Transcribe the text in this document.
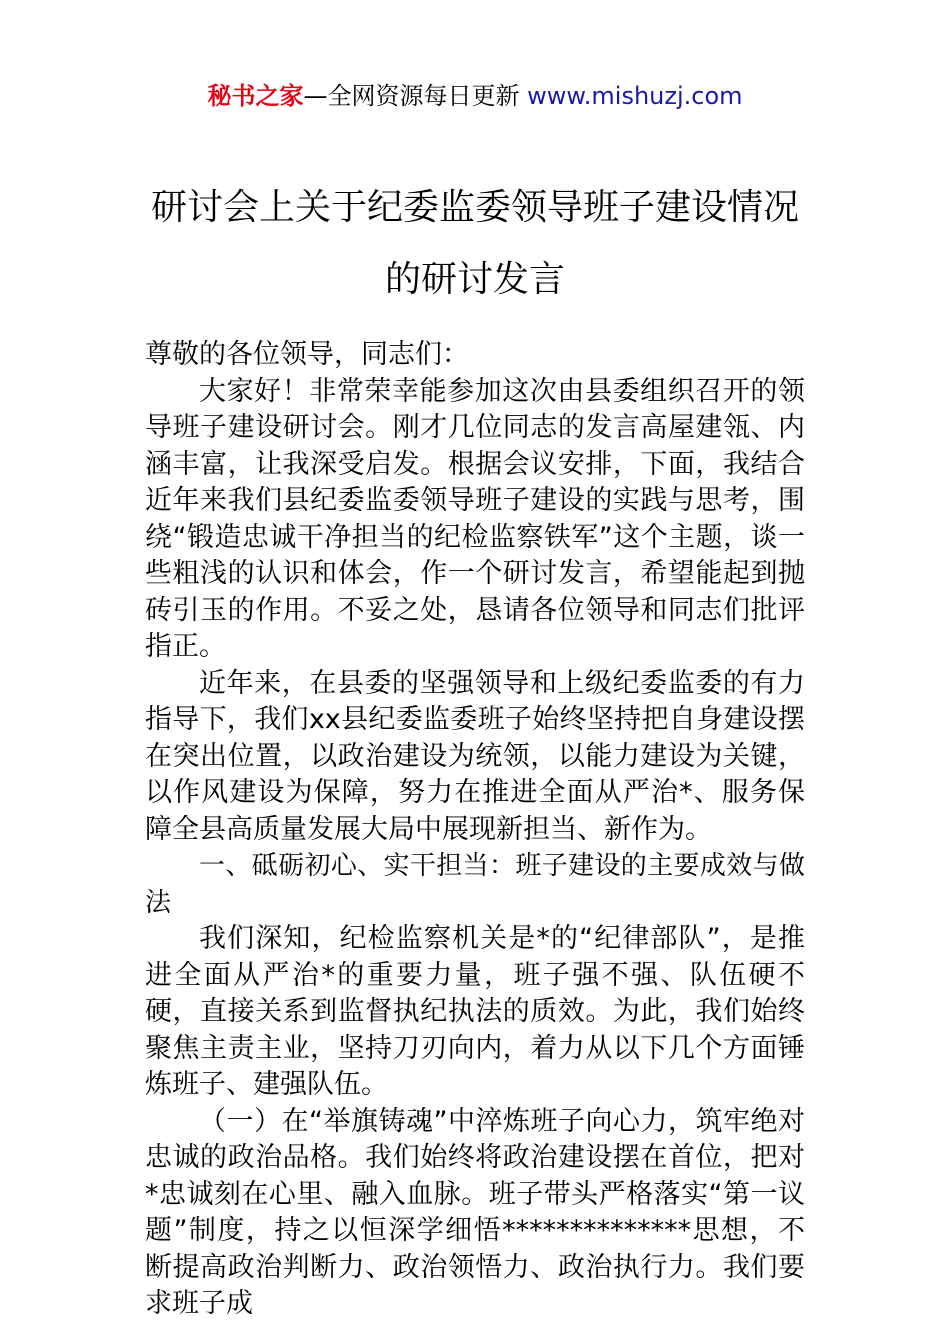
秘书之家—全网资源每日更新 www.mishuzj.com
研讨会上关于纪委监委领导班子建设情况
的研讨发言

尊敬的各位领导，同志们：

大家好！非常荣幸能参加这次由县委组织召开的领导班子建设研讨会。刚才几位同志的发言高屋建瓴、内涵丰富，让我深受启发。根据会议安排，下面，我结合近年来我们县纪委监委领导班子建设的实践与思考，围绕“锻造忠诚干净担当的纪检监察铁军”这个主题，谈一些粗浅的认识和体会，作一个研讨发言，希望能起到抛砖引玉的作用。不妥之处，恳请各位领导和同志们批评指正。

近年来，在县委的坚强领导和上级纪委监委的有力指导下，我们xx县纪委监委班子始终坚持把自身建设摆在突出位置，以政治建设为统领，以能力建设为关键，以作风建设为保障，努力在推进全面从严治*、服务保障全县高质量发展大局中展现新担当、新作为。

一、砥砺初心、实干担当：班子建设的主要成效与做法

我们深知，纪检监察机关是*的“纪律部队”，是推进全面从严治*的重要力量，班子强不强、队伍硬不硬，直接关系到监督执纪执法的质效。为此，我们始终聚焦主责主业，坚持刀刃向内，着力从以下几个方面锤炼班子、建强队伍。

（一）在“举旗铸魂”中淬炼班子向心力，筑牢绝对忠诚的政治品格。我们始终将政治建设摆在首位，把对*忠诚刻在心里、融入血脉。班子带头严格落实“第一议题”制度，持之以恒深学细悟**************思想，不断提高政治判断力、政治领悟力、政治执行力。我们要求班子成
